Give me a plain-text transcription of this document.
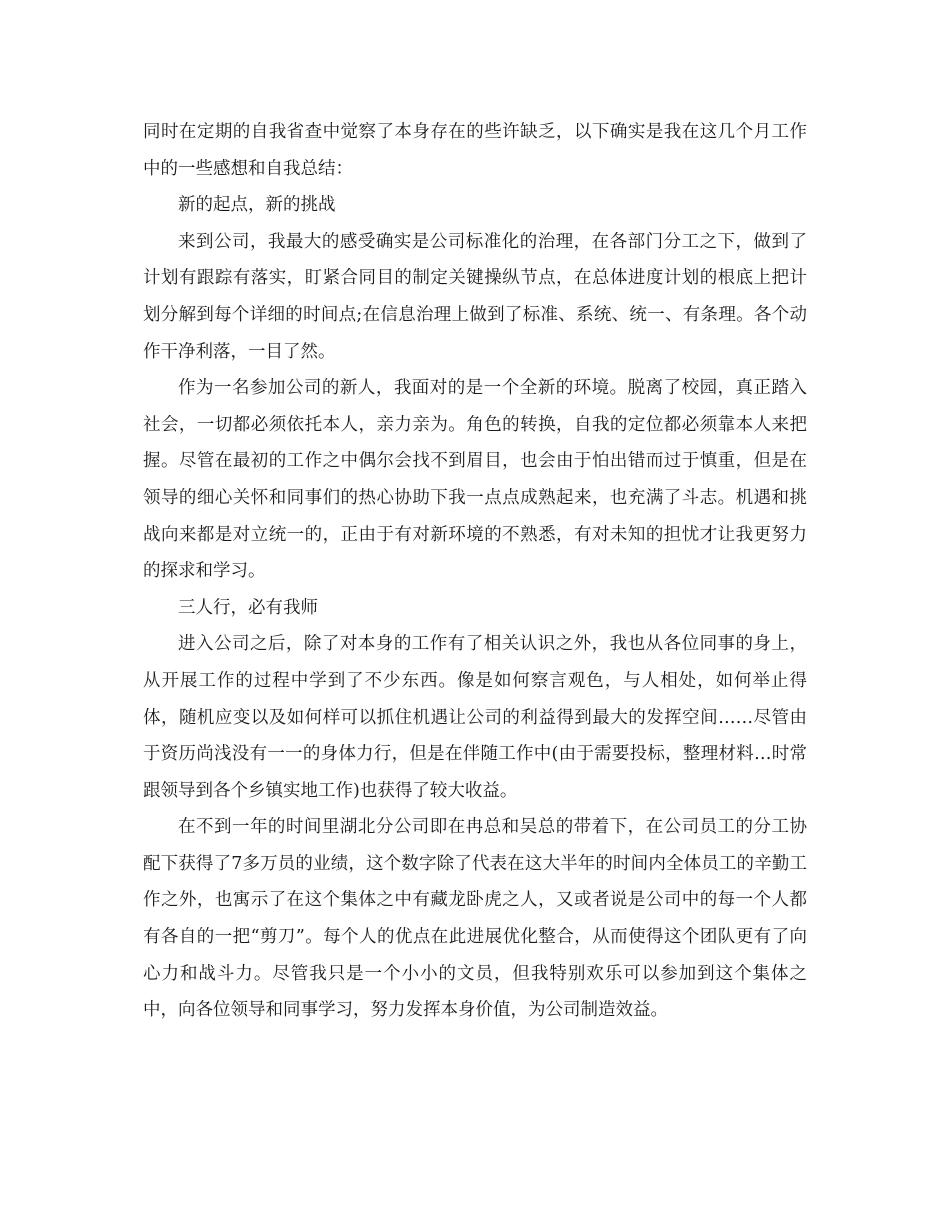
同时在定期的自我省查中觉察了本身存在的些许缺乏，以下确实是我在这几个月工作中的一些感想和自我总结：

新的起点，新的挑战

来到公司，我最大的感受确实是公司标准化的治理，在各部门分工之下，做到了计划有跟踪有落实，盯紧合同目的制定关键操纵节点，在总体进度计划的根底上把计划分解到每个详细的时间点;在信息治理上做到了标准、系统、统一、有条理。各个动作干净利落，一目了然。

作为一名参加公司的新人，我面对的是一个全新的环境。脱离了校园，真正踏入社会，一切都必须依托本人，亲力亲为。角色的转换，自我的定位都必须靠本人来把握。尽管在最初的工作之中偶尔会找不到眉目，也会由于怕出错而过于慎重，但是在领导的细心关怀和同事们的热心协助下我一点点成熟起来，也充满了斗志。机遇和挑战向来都是对立统一的，正由于有对新环境的不熟悉，有对未知的担忧才让我更努力的探求和学习。

三人行，必有我师

进入公司之后，除了对本身的工作有了相关认识之外，我也从各位同事的身上，从开展工作的过程中学到了不少东西。像是如何察言观色，与人相处，如何举止得体，随机应变以及如何样可以抓住机遇让公司的利益得到最大的发挥空间……尽管由于资历尚浅没有一一的身体力行，但是在伴随工作中(由于需要投标，整理材料…时常跟领导到各个乡镇实地工作)也获得了较大收益。

在不到一年的时间里湖北分公司即在冉总和吴总的带着下，在公司员工的分工协配下获得了7多万员的业绩，这个数字除了代表在这大半年的时间内全体员工的辛勤工作之外，也寓示了在这个集体之中有藏龙卧虎之人，又或者说是公司中的每一个人都有各自的一把“剪刀”。每个人的优点在此进展优化整合，从而使得这个团队更有了向心力和战斗力。尽管我只是一个小小的文员，但我特别欢乐可以参加到这个集体之中，向各位领导和同事学习，努力发挥本身价值，为公司制造效益。
